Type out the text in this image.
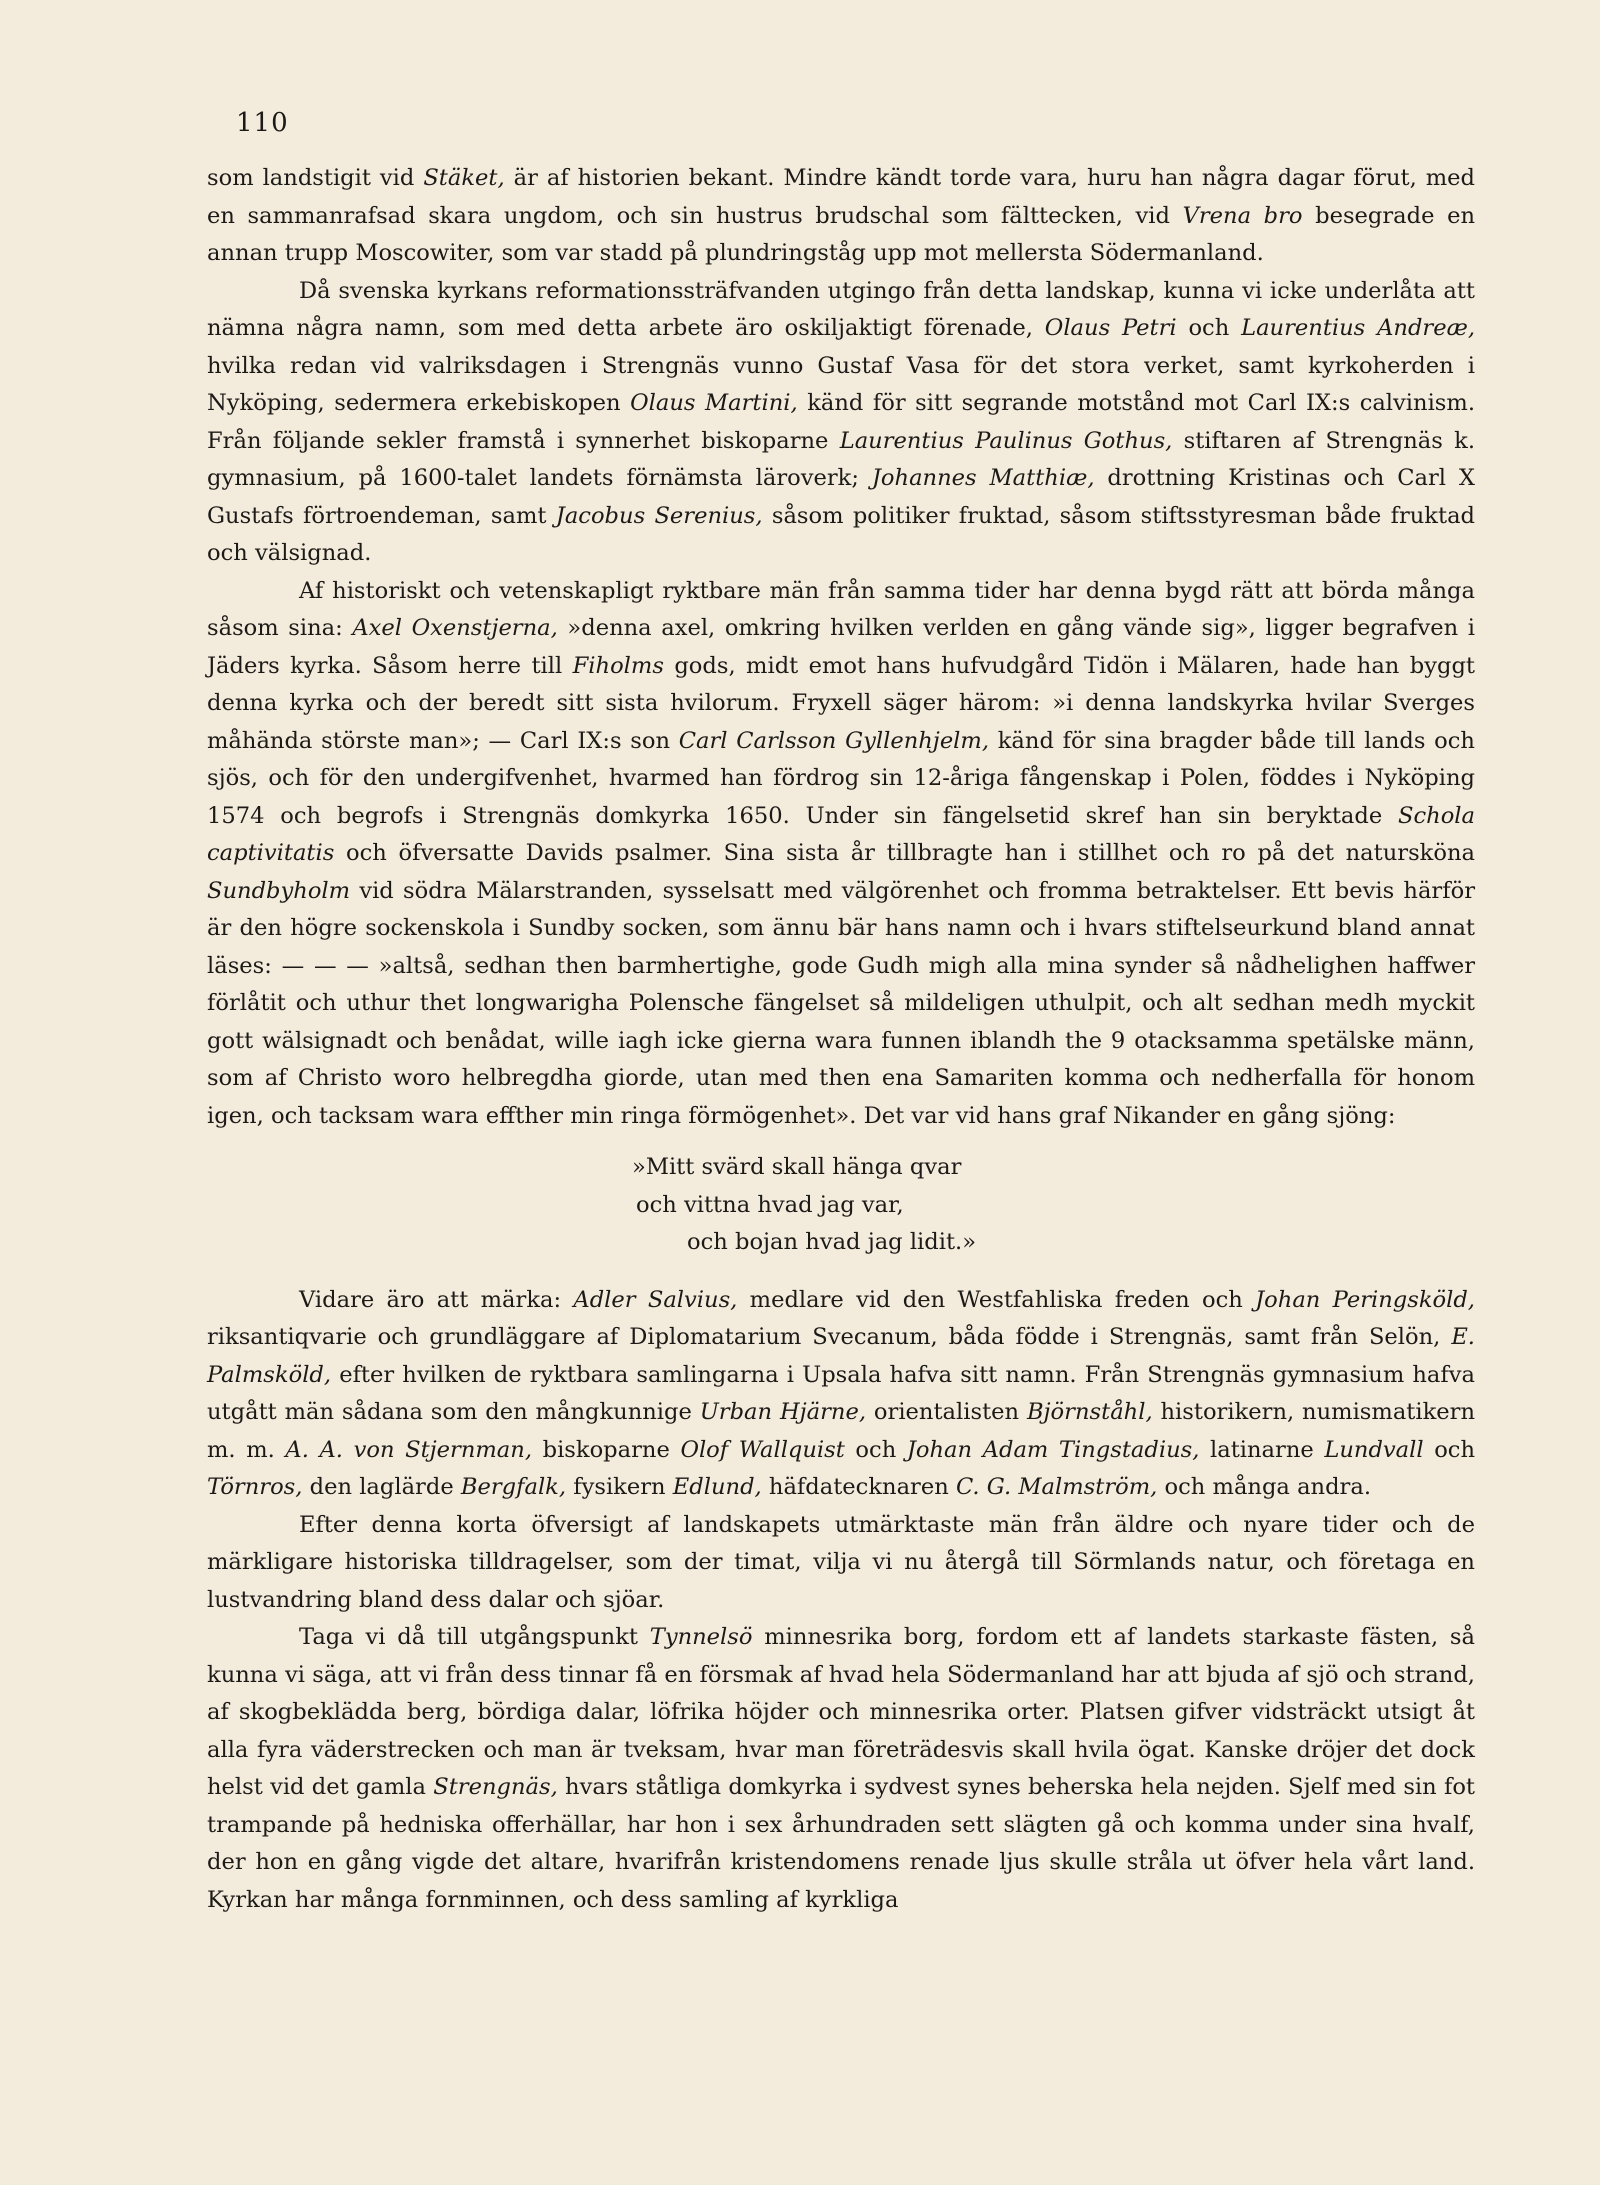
110

som landstigit vid Stäket, är af historien bekant. Mindre kändt torde vara, huru han några dagar förut, med en sammanrafsad skara ungdom, och sin hustrus brudschal som fälttecken, vid Vrena bro besegrade en annan trupp Moscowiter, som var stadd på plundringståg upp mot mellersta Södermanland.

Då svenska kyrkans reformationssträfvanden utgingo från detta landskap, kunna vi icke underlåta att nämna några namn, som med detta arbete äro oskiljaktigt förenade, Olaus Petri och Laurentius Andreæ, hvilka redan vid valriksdagen i Strengnäs vunno Gustaf Vasa för det stora verket, samt kyrkoherden i Nyköping, sedermera erkebiskopen Olaus Martini, känd för sitt segrande motstånd mot Carl IX:s calvinism. Från följande sekler framstå i synnerhet biskoparne Laurentius Paulinus Gothus, stiftaren af Strengnäs k. gymnasium, på 1600-talet landets förnämsta läroverk; Johannes Matthiæ, drottning Kristinas och Carl X Gustafs förtroendeman, samt Jacobus Serenius, såsom politiker fruktad, såsom stiftsstyresman både fruktad och välsignad.

Af historiskt och vetenskapligt ryktbare män från samma tider har denna bygd rätt att börda många såsom sina: Axel Oxenstjerna, »denna axel, omkring hvilken verlden en gång vände sig», ligger begrafven i Jäders kyrka. Såsom herre till Fiholms gods, midt emot hans hufvudgård Tidön i Mälaren, hade han byggt denna kyrka och der beredt sitt sista hvilorum. Fryxell säger härom: »i denna landskyrka hvilar Sverges måhända störste man»; — Carl IX:s son Carl Carlsson Gyllenhjelm, känd för sina bragder både till lands och sjös, och för den undergifvenhet, hvarmed han fördrog sin 12-åriga fångenskap i Polen, föddes i Nyköping 1574 och begrofs i Strengnäs domkyrka 1650. Under sin fängelsetid skref han sin beryktade Schola captivitatis och öfversatte Davids psalmer. Sina sista år tillbragte han i stillhet och ro på det natursköna Sundbyholm vid södra Mälarstranden, sysselsatt med välgörenhet och fromma betraktelser. Ett bevis härför är den högre sockenskola i Sundby socken, som ännu bär hans namn och i hvars stiftelseurkund bland annat läses: — — — »altså, sedhan then barmhertighe, gode Gudh migh alla mina synder så nådhelighen haffwer förlåtit och uthur thet longwarigha Polensche fängelset så mildeligen uthulpit, och alt sedhan medh myckit gott wälsignadt och benådat, wille iagh icke gierna wara funnen iblandh the 9 otacksamma spetälske männ, som af Christo woro helbregdha giorde, utan med then ena Samariten komma och nedherfalla för honom igen, och tacksam wara effther min ringa förmögenhet». Det var vid hans graf Nikander en gång sjöng:

»Mitt svärd skall hänga qvar
och vittna hvad jag var,
och bojan hvad jag lidit.»

Vidare äro att märka: Adler Salvius, medlare vid den Westfahliska freden och Johan Peringsköld, riksantiqvarie och grundläggare af Diplomatarium Svecanum, båda födde i Strengnäs, samt från Selön, E. Palmsköld, efter hvilken de ryktbara samlingarna i Upsala hafva sitt namn. Från Strengnäs gymnasium hafva utgått män sådana som den mångkunnige Urban Hjärne, orientalisten Björnståhl, historikern, numismatikern m. m. A. A. von Stjernman, biskoparne Olof Wallquist och Johan Adam Tingstadius, latinarne Lundvall och Törnros, den laglärde Bergfalk, fysikern Edlund, häfdatecknaren C. G. Malmström, och många andra.

Efter denna korta öfversigt af landskapets utmärktaste män från äldre och nyare tider och de märkligare historiska tilldragelser, som der timat, vilja vi nu återgå till Sörmlands natur, och företaga en lustvandring bland dess dalar och sjöar.

Taga vi då till utgångspunkt Tynnelsö minnesrika borg, fordom ett af landets starkaste fästen, så kunna vi säga, att vi från dess tinnar få en försmak af hvad hela Södermanland har att bjuda af sjö och strand, af skogbeklädda berg, bördiga dalar, löfrika höjder och minnesrika orter. Platsen gifver vidsträckt utsigt åt alla fyra väderstrecken och man är tveksam, hvar man företrädesvis skall hvila ögat. Kanske dröjer det dock helst vid det gamla Strengnäs, hvars ståtliga domkyrka i sydvest synes beherska hela nejden. Sjelf med sin fot trampande på hedniska offerhällar, har hon i sex århundraden sett slägten gå och komma under sina hvalf, der hon en gång vigde det altare, hvarifrån kristendomens renade ljus skulle stråla ut öfver hela vårt land. Kyrkan har många fornminnen, och dess samling af kyrkliga
